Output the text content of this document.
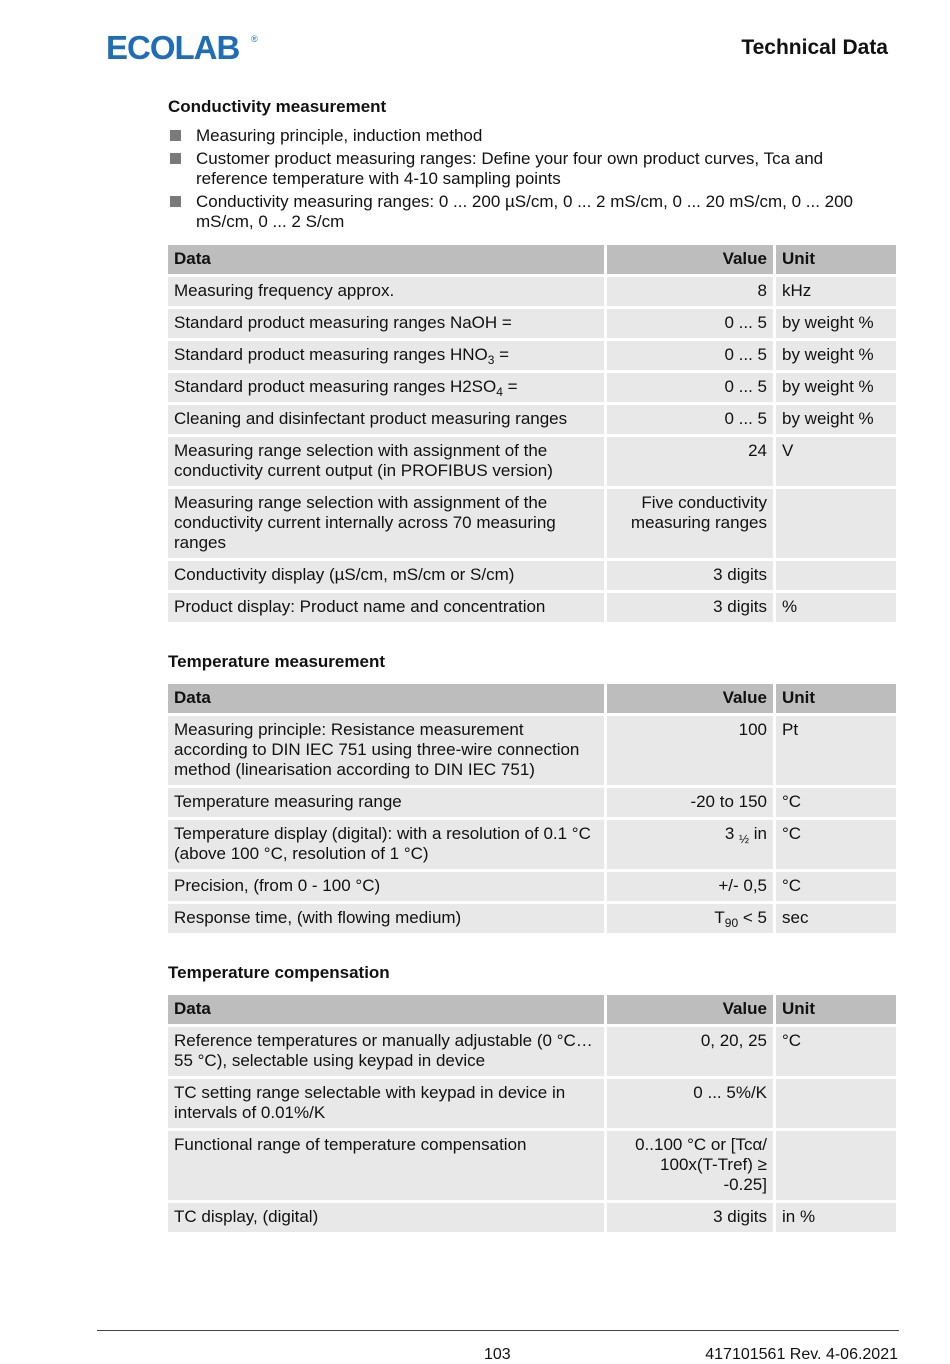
ECOLAB ®	Technical Data
Conductivity measurement
Measuring principle, induction method
Customer product measuring ranges: Define your four own product curves, Tca and reference temperature with 4-10 sampling points
Conductivity measuring ranges: 0 ... 200 µS/cm, 0 ... 2 mS/cm, 0 ... 20 mS/cm, 0 ... 200 mS/cm, 0 ... 2 S/cm
Data	Value	Unit
Measuring frequency approx.	8	kHz
Standard product measuring ranges NaOH =	0 ... 5	by weight %
Standard product measuring ranges $HNO_3$ =	0 ... 5	by weight %
Standard product measuring ranges $H2SO_4$ =	0 ... 5	by weight %
Cleaning and disinfectant product measuring ranges	0 ... 5	by weight %
Measuring range selection with assignment of the conductivity current output (in PROFIBUS version)	24	V
Measuring range selection with assignment of the conductivity current internally across 70 measuring ranges	Five conductivity measuring ranges	
Conductivity display (µS/cm, mS/cm or S/cm)	3 digits	
Product display: Product name and concentration	3 digits	%
Temperature measurement
Data	Value	Unit
Measuring principle: Resistance measurement according to DIN IEC 751 using three-wire connection method (linearisation according to DIN IEC 751)	100	Pt
Temperature measuring range	-20 to 150	°C
Temperature display (digital): with a resolution of 0.1 °C (above 100 °C, resolution of 1 °C)	3 $_{\frac{1}{2}}$ in	°C
Precision, (from 0 - 100 °C)	+/- 0,5	°C
Response time, (with flowing medium)	$T_{90} < 5$	sec
Temperature compensation
Data	Value	Unit
Reference temperatures or manually adjustable (0 °C…55 °C), selectable using keypad in device	0, 20, 25	°C
TC setting range selectable with keypad in device in intervals of 0.01%/K	0 ... 5%/K	
Functional range of temperature compensation	0..100 °C or [Tcα/ 100x(T-Tref) ≥ -0.25]	
TC display, (digital)	3 digits	in %
103	417101561 Rev. 4-06.2021
